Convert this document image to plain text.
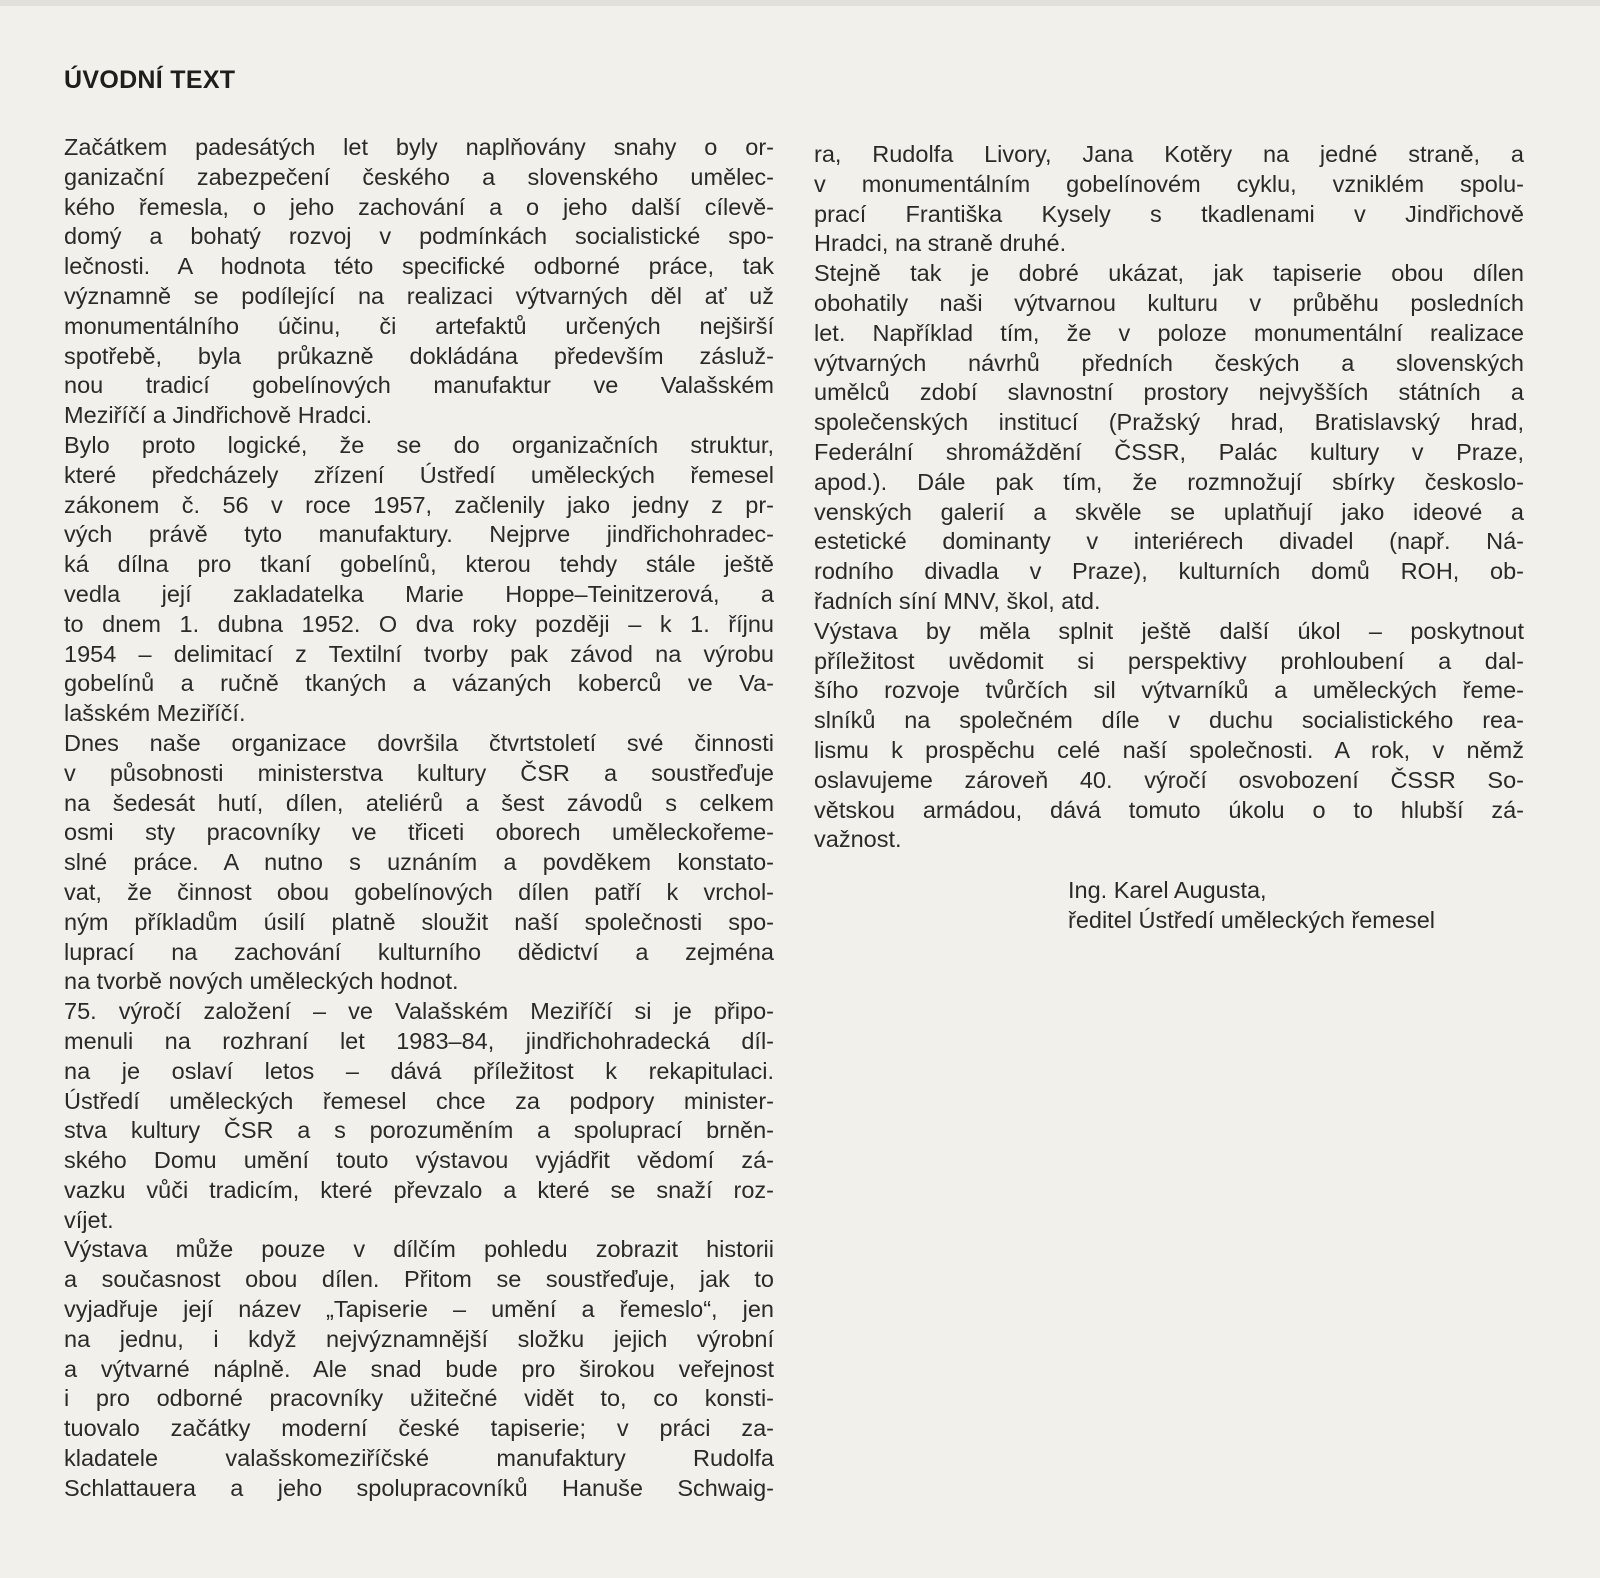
ÚVODNÍ TEXT
Začátkem padesátých let byly naplňovány snahy o or-
ganizační zabezpečení českého a slovenského umělec-
kého řemesla, o jeho zachování a o jeho další cílevě-
domý a bohatý rozvoj v podmínkách socialistické spo-
lečnosti. A hodnota této specifické odborné práce, tak
významně se podílející na realizaci výtvarných děl ať už
monumentálního účinu, či artefaktů určených nejširší
spotřebě, byla průkazně dokládána především zásluž-
nou tradicí gobelínových manufaktur ve Valašském
Meziříčí a Jindřichově Hradci.
Bylo proto logické, že se do organizačních struktur,
které předcházely zřízení Ústředí uměleckých řemesel
zákonem č. 56 v roce 1957, začlenily jako jedny z pr-
vých právě tyto manufaktury. Nejprve jindřichohradec-
ká dílna pro tkaní gobelínů, kterou tehdy stále ještě
vedla její zakladatelka Marie Hoppe–Teinitzerová, a
to dnem 1. dubna 1952. O dva roky později – k 1. říjnu
1954 – delimitací z Textilní tvorby pak závod na výrobu
gobelínů a ručně tkaných a vázaných koberců ve Va-
lašském Meziříčí.
Dnes naše organizace dovršila čtvrtstoletí své činnosti
v působnosti ministerstva kultury ČSR a soustřeďuje
na šedesát hutí, dílen, ateliérů a šest závodů s celkem
osmi sty pracovníky ve třiceti oborech uměleckořeme-
slné práce. A nutno s uznáním a povděkem konstato-
vat, že činnost obou gobelínových dílen patří k vrchol-
ným příkladům úsilí platně sloužit naší společnosti spo-
luprací na zachování kulturního dědictví a zejména
na tvorbě nových uměleckých hodnot.
75. výročí založení – ve Valašském Meziříčí si je připo-
menuli na rozhraní let 1983–84, jindřichohradecká díl-
na je oslaví letos – dává příležitost k rekapitulaci.
Ústředí uměleckých řemesel chce za podpory minister-
stva kultury ČSR a s porozuměním a spoluprací brněn-
ského Domu umění touto výstavou vyjádřit vědomí zá-
vazku vůči tradicím, které převzalo a které se snaží roz-
víjet.
Výstava může pouze v dílčím pohledu zobrazit historii
a současnost obou dílen. Přitom se soustřeďuje, jak to
vyjadřuje její název „Tapiserie – umění a řemeslo“, jen
na jednu, i když nejvýznamnější složku jejich výrobní
a výtvarné náplně. Ale snad bude pro širokou veřejnost
i pro odborné pracovníky užitečné vidět to, co konsti-
tuovalo začátky moderní české tapiserie; v práci za-
kladatele valašskomeziříčské manufaktury Rudolfa
Schlattauera a jeho spolupracovníků Hanuše Schwaig-
ra, Rudolfa Livory, Jana Kotěry na jedné straně, a
v monumentálním gobelínovém cyklu, vzniklém spolu-
prací Františka Kysely s tkadlenami v Jindřichově
Hradci, na straně druhé.
Stejně tak je dobré ukázat, jak tapiserie obou dílen
obohatily naši výtvarnou kulturu v průběhu posledních
let. Například tím, že v poloze monumentální realizace
výtvarných návrhů předních českých a slovenských
umělců zdobí slavnostní prostory nejvyšších státních a
společenských institucí (Pražský hrad, Bratislavský hrad,
Federální shromáždění ČSSR, Palác kultury v Praze,
apod.). Dále pak tím, že rozmnožují sbírky českoslo-
venských galerií a skvěle se uplatňují jako ideové a
estetické dominanty v interiérech divadel (např. Ná-
rodního divadla v Praze), kulturních domů ROH, ob-
řadních síní MNV, škol, atd.
Výstava by měla splnit ještě další úkol – poskytnout
příležitost uvědomit si perspektivy prohloubení a dal-
šího rozvoje tvůrčích sil výtvarníků a uměleckých řeme-
slníků na společném díle v duchu socialistického rea-
lismu k prospěchu celé naší společnosti. A rok, v němž
oslavujeme zároveň 40. výročí osvobození ČSSR So-
větskou armádou, dává tomuto úkolu o to hlubší zá-
važnost.
Ing. Karel Augusta,
ředitel Ústředí uměleckých řemesel
